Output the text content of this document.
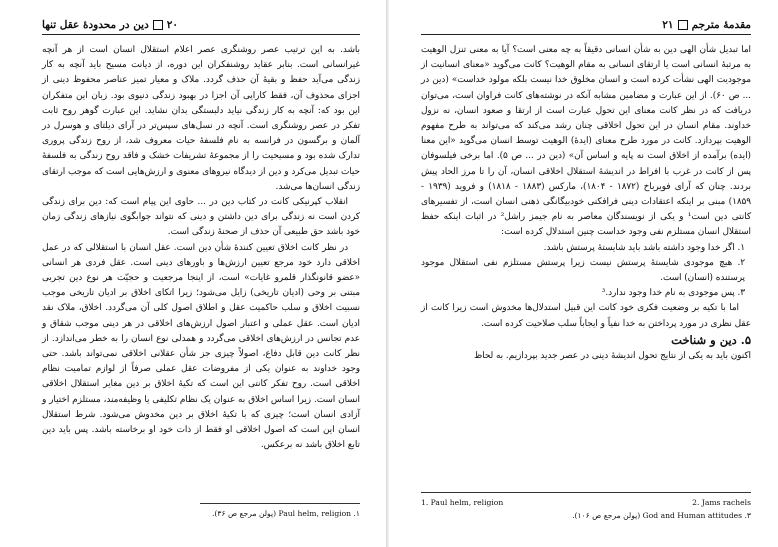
۲۰
دین در محدودهٔ عقل تنها

باشد. به این ترتیب عصر روشنگری عصر اعلام استقلال انسان است از هر آنچه غیرانسانی است. بنابر عقاید روشنفکران این دوره، از دیانت مسیح باید آنچه به کار زندگی می‌آید حفظ و بقیهٔ آن حذف گردد. ملاک و معیار تمیز عناصر محفوظ دینی از اجزای محذوف آن، فقط کارایی آن اجزا در بهبود زندگی دنیوی بود. زبان این متفکران این بود که: آنچه به کار زندگی نیاید دلبستگی بدان نشاید. این عبارت گوهر روح ثابت تفکر در عصر روشنگری است. آنچه در نسل‌های سپس‌تر در آرای دیلتای و هوسرل در آلمان و برگسون در فرانسه به نام فلسفهٔ حیات معروف شد، از روح زندگی پروری تدارک شده بود و مسیحیت را از مجموعهٔ تشریفات خشک و فاقد روح زندگی به فلسفهٔ حیات تبدیل می‌کرد و دین از دیدگاه نیروهای معنوی و ارزش‌هایی است که موجب ارتقای زندگی انسان‌ها می‌شد.

انقلاب کپرنیکی کانت در کتاب دین در ... حاوی این پیام است که: دین برای زندگی کردن است نه زندگی برای دین داشتن و دینی که نتواند جوابگوی نیازهای زندگی زمان خود باشد حق طبیعی آن حذف از صحنهٔ زندگی است.

در نظر کانت اخلاق تعیین کنندهٔ شأن دین است. عقل انسان با استقلالی که در عمل اخلاقی دارد خود مرجع تعیین ارزش‌ها و باورهای دینی است. عقل فردی هر انسانی «عضو قانونگذار قلمرو غایات» است، از اینجا مرجعیت و حجیّت هر نوع دین تجربی مبتنی بر وحی (ادیان تاریخی) زایل می‌شود؛ زیرا اتکای اخلاق بر ادیان تاریخی موجب نسبیت اخلاق و سلب حاکمیت عقل و اطلاق اصول کلی آن می‌گردد. اخلاق، ملاک نقد ادیان است. عقل عملی و اعتبار اصول ارزش‌های اخلاقی در هر دینی موجب شقاق و عدم تجانس در ارزش‌های اخلاقی می‌گردد و همدلی نوع انسان را به خطر می‌اندازد. از نظر کانت دین قابل دفاع، اصولاً چیزی جز شأن عقلانی اخلاقی نمی‌تواند باشد. حتی وجود خداوند به عنوان یکی از مفروضات عقل عملی صرفاً از لوازم تمامیت نظام اخلاقی است. روح تفکر کانتی این است که تکیهٔ اخلاق بر دین مغایر استقلال اخلاقی انسان است. زیرا اساس اخلاق به عنوان یک نظام تکلیفی یا وظیفه‌مند، مستلزم اختیار و آزادی انسان است؛ چیزی که با تکیهٔ اخلاق بر دین مخدوش می‌شود. شرط استقلال انسان این است که اصول اخلاقی او فقط از ذات خود او برخاسته باشد. پس باید دین تابع اخلاق باشد نه برعکس.

۱. Paul helm, religion (پولن مرجع ص ۳۶).
مقدمهٔ مترجم
۲۱

اما تبدیل شأن الهی دین به شأن انسانی دقیقاً به چه معنی است؟ آیا به معنی تنزل الوهیت به مرتبهٔ انسانی است یا ارتقای انسانی به مقام الوهیت؟ کانت می‌گوید «معنای انسانیت از موجودیت الهی نشأت کرده است و انسان مخلوق خدا نیست بلکه مولود خداست» (دین در ... ص ۶۰). از این عبارت و مضامین مشابه آنکه در نوشته‌های کانت فراوان است، می‌توان دریافت که در نظر کانت معنای این تحول عبارت است از ارتقا و صعود انسان، نه نزول خداوند. مقام انسان در این تحول اخلاقی چنان رشد می‌کند که می‌تواند به طرح مفهوم الوهیت بپردازد. کانت در مورد طرح معنای (ایدهٔ) الوهیت توسط انسان می‌گوید «این معنا (ایده) برآمده از اخلاق است نه پایه و اساس آن» (دین در ... ص ۵). اما برخی فیلسوفان پس از کانت در غرب با افراط در اندیشهٔ استقلال اخلاقی انسان، آن را تا مرز الحاد پیش بردند. چنان که آرای فویرباخ (۱۸۷۲ - ۱۸۰۴)، مارکس (۱۸۸۳ - ۱۸۱۸) و فروید (۱۹۳۹ - ۱۸۵۹) مبنی بر اینکه اعتقادات دینی فرافکنی خودبیگانگی ذهنی انسان است، از تفسیرهای کانتی دین است¹ و یکی از نویسندگان معاصر به نام جیمز راشل² در اثبات اینکه حفظ استقلال انسان مستلزم نفی وجود خداست چنین استدلال کرده است:

۱. اگر خدا وجود داشته باشد باید شایستهٔ پرستش باشد.

۲. هیچ موجودی شایستهٔ پرستش نیست زیرا پرستش مستلزم نفی استقلال موجود پرستنده (انسان) است.

۳. پس موجودی به نام خدا وجود ندارد.³

اما با تکیه بر وضعیت فکری خود کانت این قبیل استدلال‌ها مخدوش است زیرا کانت از عقل نظری در مورد پرداختن به خدا نفیاً و ایجاباً سلب صلاحیت کرده است.

۵. دین و شناخت

اکنون باید به یکی از نتایج تحول اندیشهٔ دینی در عصر جدید بپردازیم. به لحاظ

1. Paul helm, religion	2. Jams rachels
۳. God and Human attitudes (پولن مرجع ص ۱۰۶).
